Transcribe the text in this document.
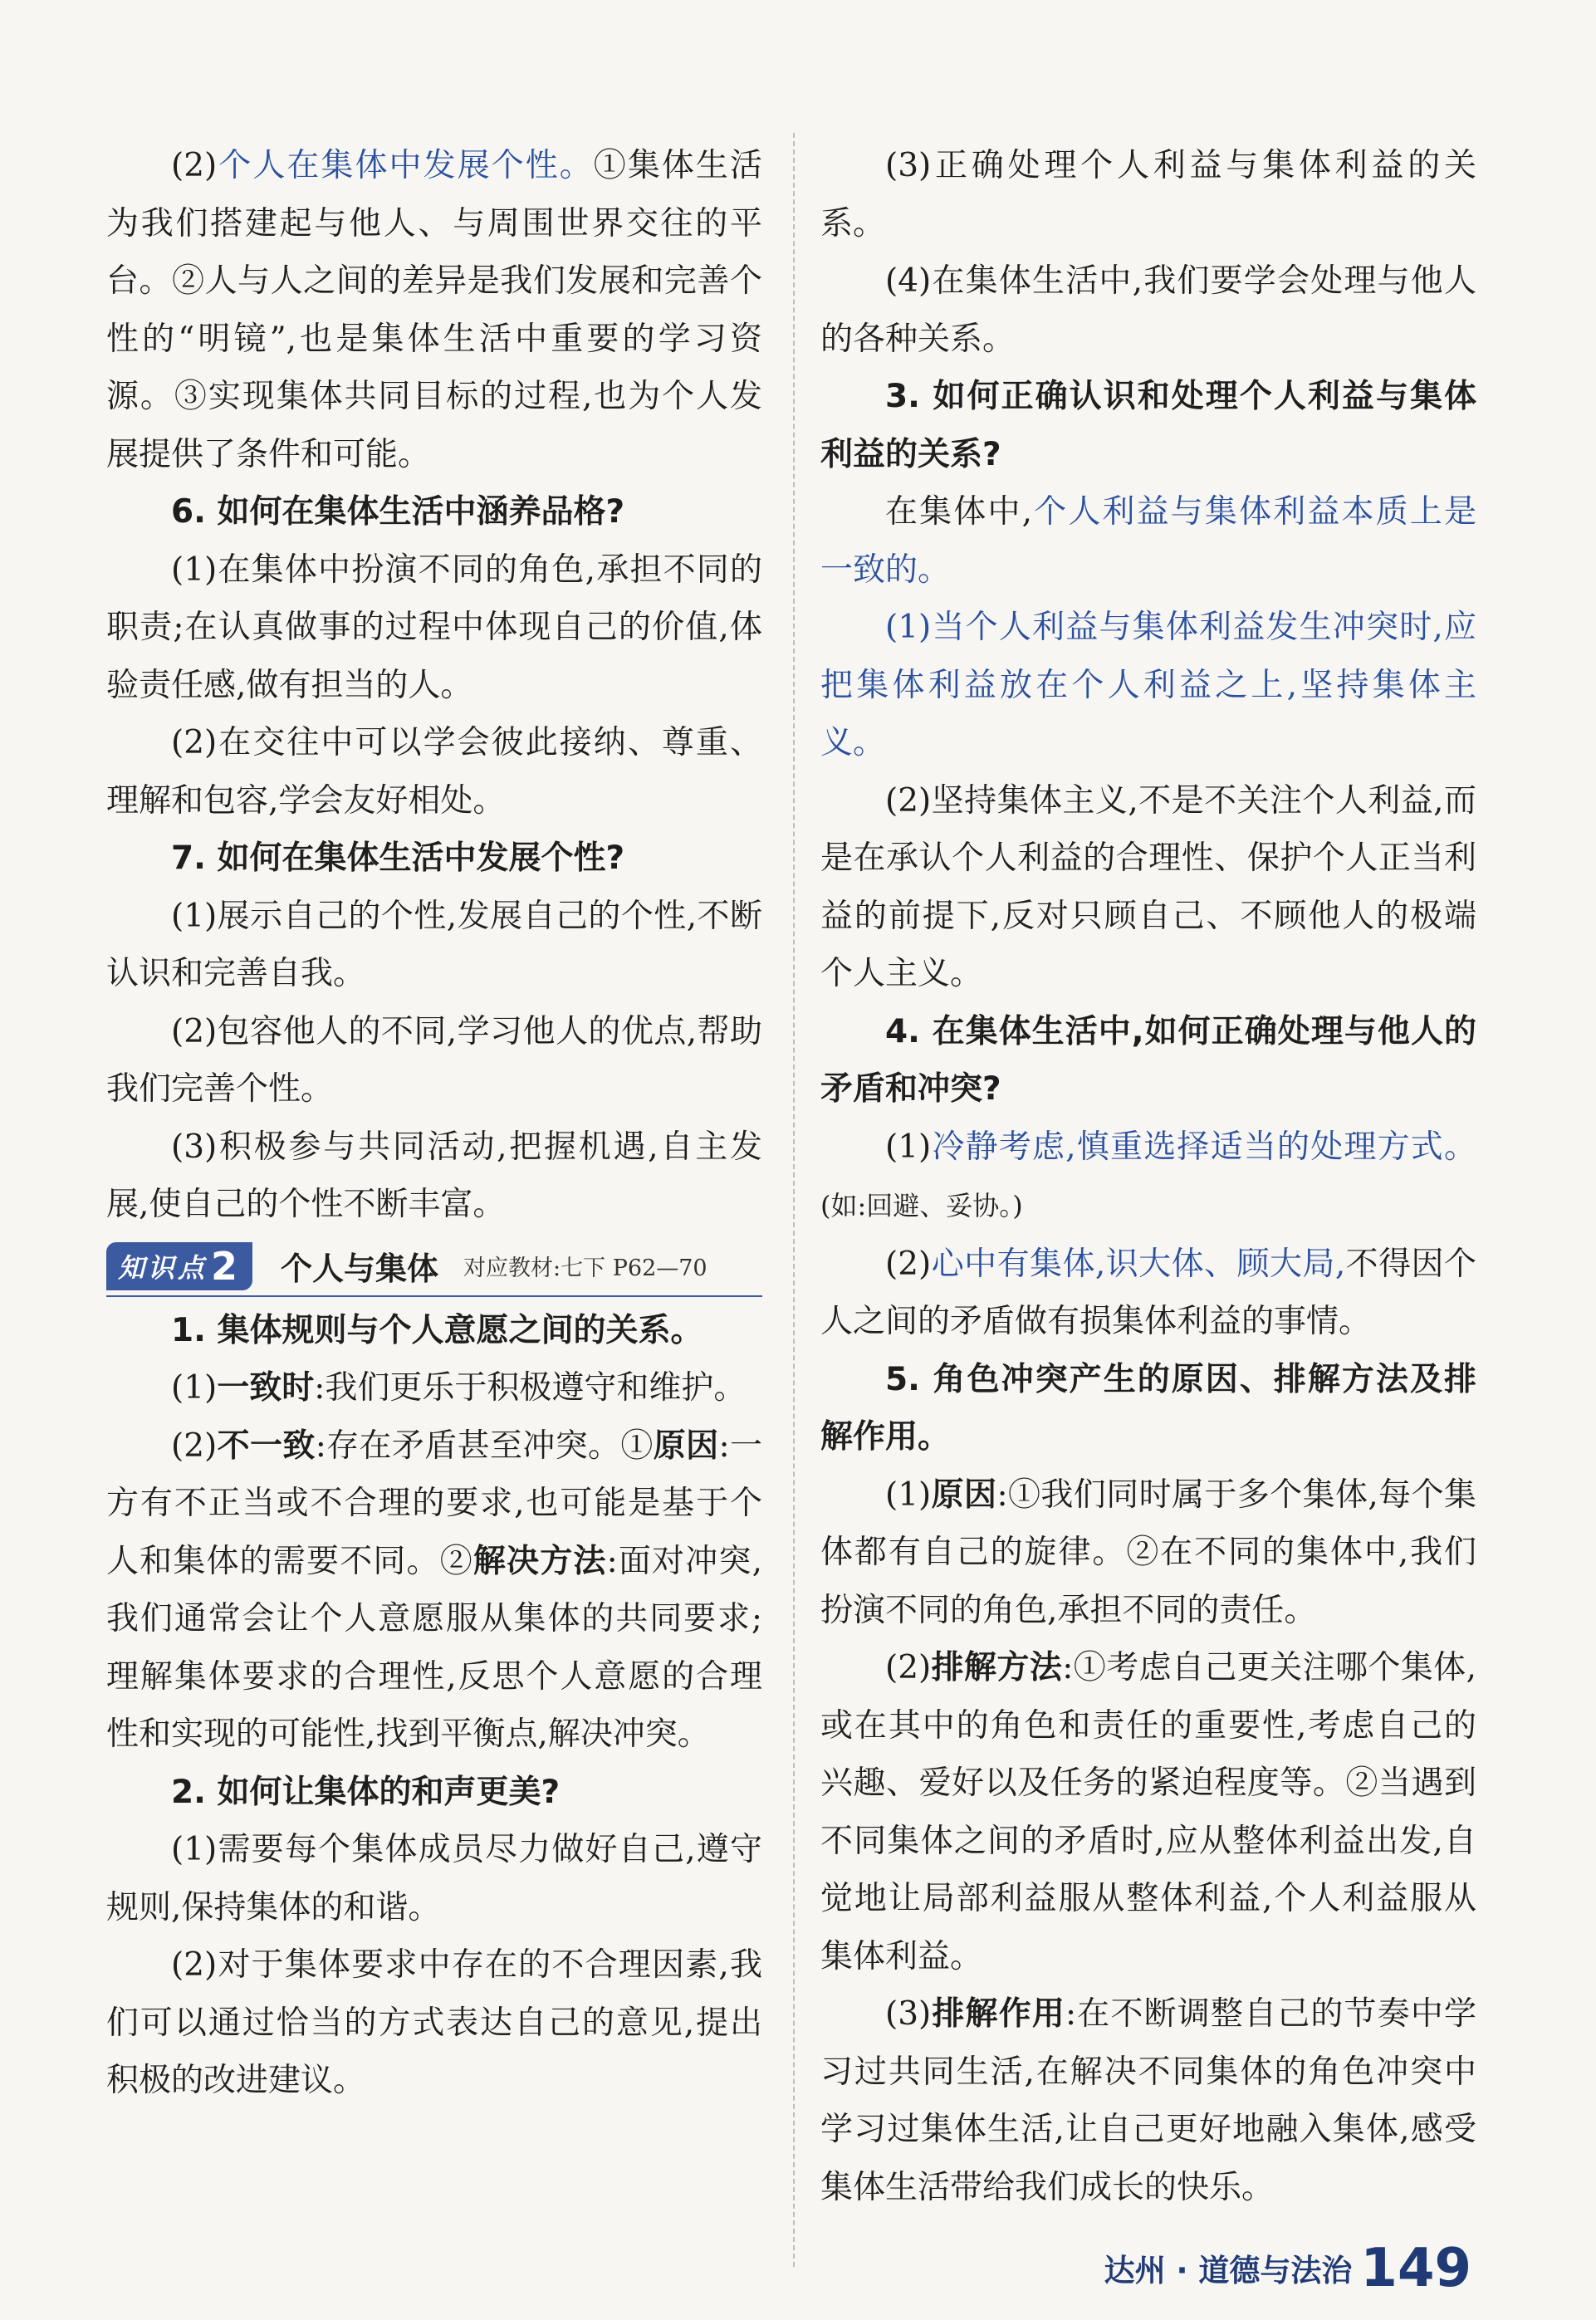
(2)个人在集体中发展个性。①集体生活为我们搭建起与他人、与周围世界交往的平台。②人与人之间的差异是我们发展和完善个性的“明镜”,也是集体生活中重要的学习资源。③实现集体共同目标的过程,也为个人发展提供了条件和可能。

6. 如何在集体生活中涵养品格?

(1)在集体中扮演不同的角色,承担不同的职责;在认真做事的过程中体现自己的价值,体验责任感,做有担当的人。

(2)在交往中可以学会彼此接纳、尊重、理解和包容,学会友好相处。

7. 如何在集体生活中发展个性?

(1)展示自己的个性,发展自己的个性,不断认识和完善自我。

(2)包容他人的不同,学习他人的优点,帮助我们完善个性。

(3)积极参与共同活动,把握机遇,自主发展,使自己的个性不断丰富。

知识点 2 个人与集体 对应教材:七下 P62—70

1. 集体规则与个人意愿之间的关系。

(1)一致时:我们更乐于积极遵守和维护。

(2)不一致:存在矛盾甚至冲突。①原因:一方有不正当或不合理的要求,也可能是基于个人和集体的需要不同。②解决方法:面对冲突,我们通常会让个人意愿服从集体的共同要求;理解集体要求的合理性,反思个人意愿的合理性和实现的可能性,找到平衡点,解决冲突。

2. 如何让集体的和声更美?

(1)需要每个集体成员尽力做好自己,遵守规则,保持集体的和谐。

(2)对于集体要求中存在的不合理因素,我们可以通过恰当的方式表达自己的意见,提出积极的改进建议。

(3)正确处理个人利益与集体利益的关系。

(4)在集体生活中,我们要学会处理与他人的各种关系。

3. 如何正确认识和处理个人利益与集体利益的关系?

在集体中,个人利益与集体利益本质上是一致的。

(1)当个人利益与集体利益发生冲突时,应把集体利益放在个人利益之上,坚持集体主义。

(2)坚持集体主义,不是不关注个人利益,而是在承认个人利益的合理性、保护个人正当利益的前提下,反对只顾自己、不顾他人的极端个人主义。

4. 在集体生活中,如何正确处理与他人的矛盾和冲突?

(1)冷静考虑,慎重选择适当的处理方式。(如:回避、妥协。)

(2)心中有集体,识大体、顾大局,不得因个人之间的矛盾做有损集体利益的事情。

5. 角色冲突产生的原因、排解方法及排解作用。

(1)原因:①我们同时属于多个集体,每个集体都有自己的旋律。②在不同的集体中,我们扮演不同的角色,承担不同的责任。

(2)排解方法:①考虑自己更关注哪个集体,或在其中的角色和责任的重要性,考虑自己的兴趣、爱好以及任务的紧迫程度等。②当遇到不同集体之间的矛盾时,应从整体利益出发,自觉地让局部利益服从整体利益,个人利益服从集体利益。

(3)排解作用:在不断调整自己的节奏中学习过共同生活,在解决不同集体的角色冲突中学习过集体生活,让自己更好地融入集体,感受集体生活带给我们成长的快乐。

达州 · 道德与法治 149
